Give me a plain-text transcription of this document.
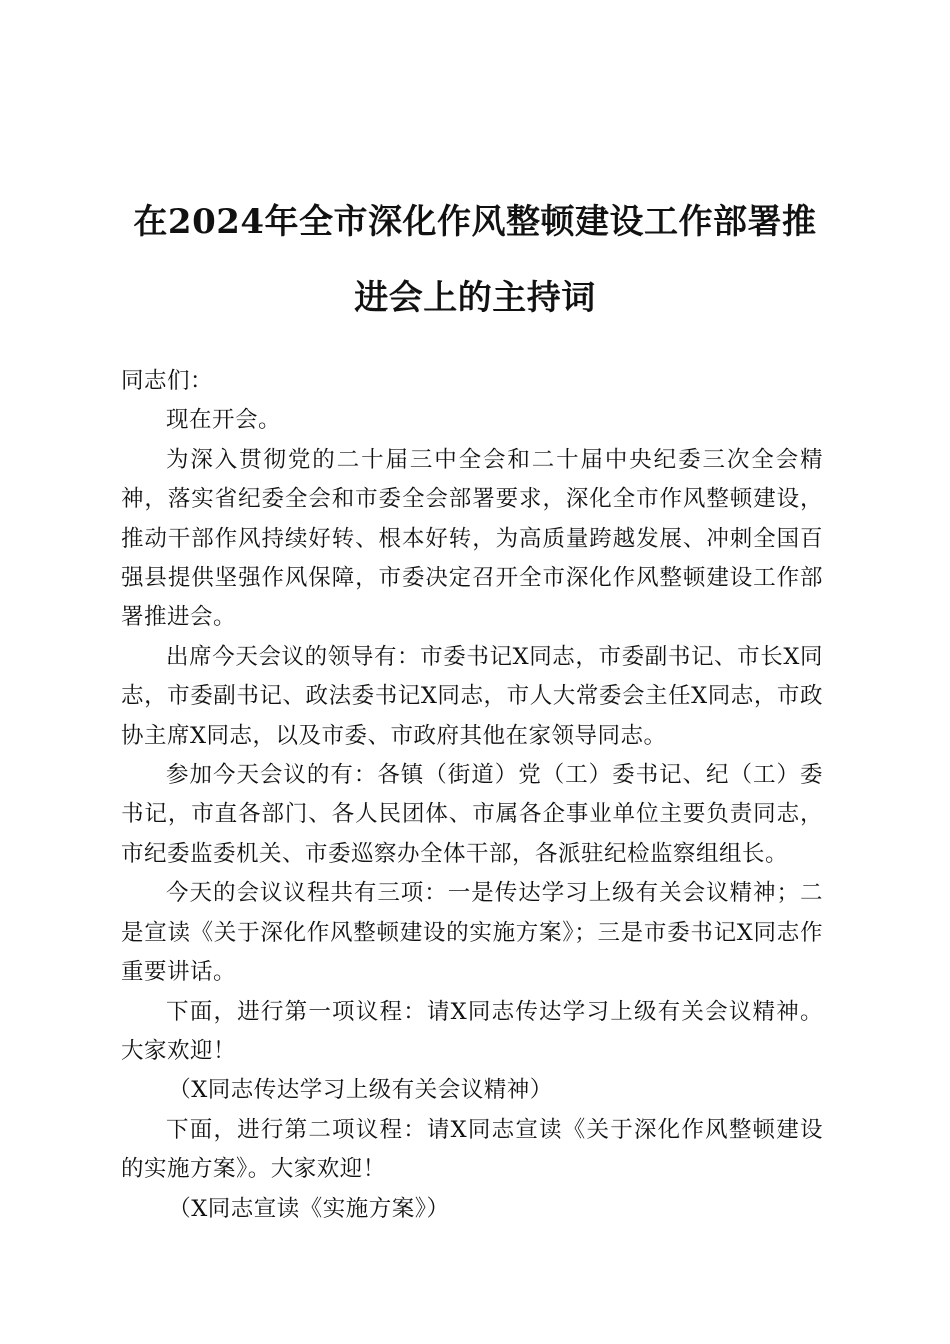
在2024年全市深化作风整顿建设工作部署推
进会上的主持词

同志们：

现在开会。

为深入贯彻党的二十届三中全会和二十届中央纪委三次全会精神，落实省纪委全会和市委全会部署要求，深化全市作风整顿建设，推动干部作风持续好转、根本好转，为高质量跨越发展、冲刺全国百强县提供坚强作风保障，市委决定召开全市深化作风整顿建设工作部署推进会。

出席今天会议的领导有：市委书记X同志，市委副书记、市长X同志，市委副书记、政法委书记X同志，市人大常委会主任X同志，市政协主席X同志，以及市委、市政府其他在家领导同志。

参加今天会议的有：各镇（街道）党（工）委书记、纪（工）委书记，市直各部门、各人民团体、市属各企事业单位主要负责同志，市纪委监委机关、市委巡察办全体干部，各派驻纪检监察组组长。

今天的会议议程共有三项：一是传达学习上级有关会议精神；二是宣读《关于深化作风整顿建设的实施方案》；三是市委书记X同志作重要讲话。

下面，进行第一项议程：请X同志传达学习上级有关会议精神。大家欢迎！

（X同志传达学习上级有关会议精神）

下面，进行第二项议程：请X同志宣读《关于深化作风整顿建设的实施方案》。大家欢迎！

（X同志宣读《实施方案》）
